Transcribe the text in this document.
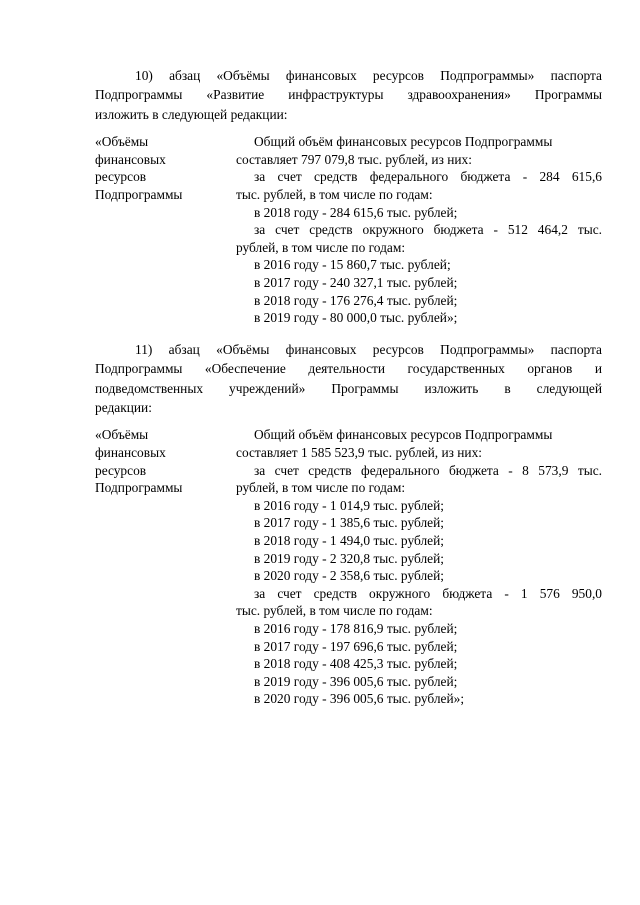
10) абзац «Объёмы финансовых ресурсов Подпрограммы» паспорта
Подпрограммы «Развитие инфраструктуры здравоохранения» Программы
изложить в следующей редакции:

«Объёмы
финансовых
ресурсов
Подпрограммы
Общий объём финансовых ресурсов Подпрограммы
составляет 797 079,8 тыс. рублей, из них:
за счет средств федерального бюджета - 284 615,6
тыс. рублей, в том числе по годам:
в 2018 году - 284 615,6 тыс. рублей;
за счет средств окружного бюджета - 512 464,2 тыс.
рублей, в том числе по годам:
в 2016 году - 15 860,7 тыс. рублей;
в 2017 году - 240 327,1 тыс. рублей;
в 2018 году - 176 276,4 тыс. рублей;
в 2019 году - 80 000,0 тыс. рублей»;

11) абзац «Объёмы финансовых ресурсов Подпрограммы» паспорта
Подпрограммы «Обеспечение деятельности государственных органов и
подведомственных учреждений» Программы изложить в следующей
редакции:

«Объёмы
финансовых
ресурсов
Подпрограммы
Общий объём финансовых ресурсов Подпрограммы
составляет 1 585 523,9 тыс. рублей, из них:
за счет средств федерального бюджета - 8 573,9 тыс.
рублей, в том числе по годам:
в 2016 году - 1 014,9 тыс. рублей;
в 2017 году - 1 385,6 тыс. рублей;
в 2018 году - 1 494,0 тыс. рублей;
в 2019 году - 2 320,8 тыс. рублей;
в 2020 году - 2 358,6 тыс. рублей;
за счет средств окружного бюджета - 1 576 950,0
тыс. рублей, в том числе по годам:
в 2016 году - 178 816,9 тыс. рублей;
в 2017 году - 197 696,6 тыс. рублей;
в 2018 году - 408 425,3 тыс. рублей;
в 2019 году - 396 005,6 тыс. рублей;
в 2020 году - 396 005,6 тыс. рублей»;
